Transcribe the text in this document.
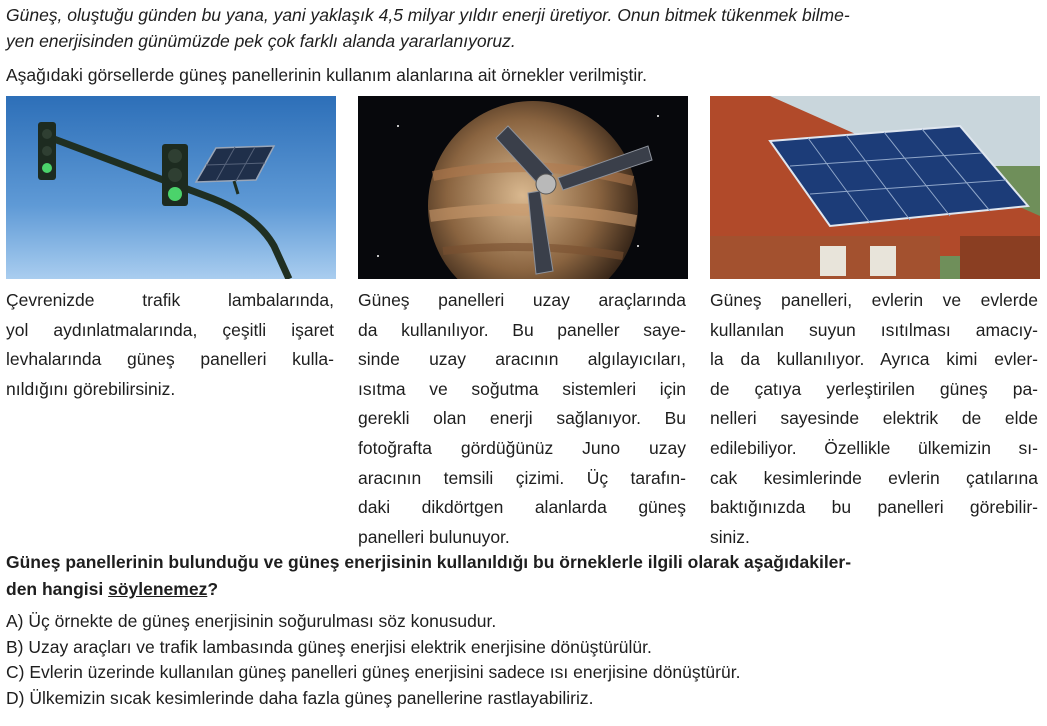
Güneş, oluştuğu günden bu yana, yani yaklaşık 4,5 milyar yıldır enerji üretiyor. Onun bitmek tükenmek bilme-
yen enerjisinden günümüzde pek çok farklı alanda yararlanıyoruz.
Aşağıdaki görsellerde güneş panellerinin kullanım alanlarına ait örnekler verilmiştir.
Çevrenizde trafik lambalarında,
yol aydınlatmalarında, çeşitli işaret
levhalarında güneş panelleri kulla-
nıldığını görebilirsiniz.
Güneş panelleri uzay araçlarında
da kullanılıyor. Bu paneller saye-
sinde uzay aracının algılayıcıları,
ısıtma ve soğutma sistemleri için
gerekli olan enerji sağlanıyor. Bu
fotoğrafta gördüğünüz Juno uzay
aracının temsili çizimi. Üç tarafın-
daki dikdörtgen alanlarda güneş
panelleri bulunuyor.
Güneş panelleri, evlerin ve evlerde
kullanılan suyun ısıtılması amacıy-
la da kullanılıyor. Ayrıca kimi evler-
de çatıya yerleştirilen güneş pa-
nelleri sayesinde elektrik de elde
edilebiliyor. Özellikle ülkemizin sı-
cak kesimlerinde evlerin çatılarına
baktığınızda bu panelleri görebilir-
siniz.
Güneş panellerinin bulunduğu ve güneş enerjisinin kullanıldığı bu örneklerle ilgili olarak aşağıdakiler-
den hangisi söylenemez?
A) Üç örnekte de güneş enerjisinin soğurulması söz konusudur.
B) Uzay araçları ve trafik lambasında güneş enerjisi elektrik enerjisine dönüştürülür.
C) Evlerin üzerinde kullanılan güneş panelleri güneş enerjisini sadece ısı enerjisine dönüştürür.
D) Ülkemizin sıcak kesimlerinde daha fazla güneş panellerine rastlayabiliriz.
